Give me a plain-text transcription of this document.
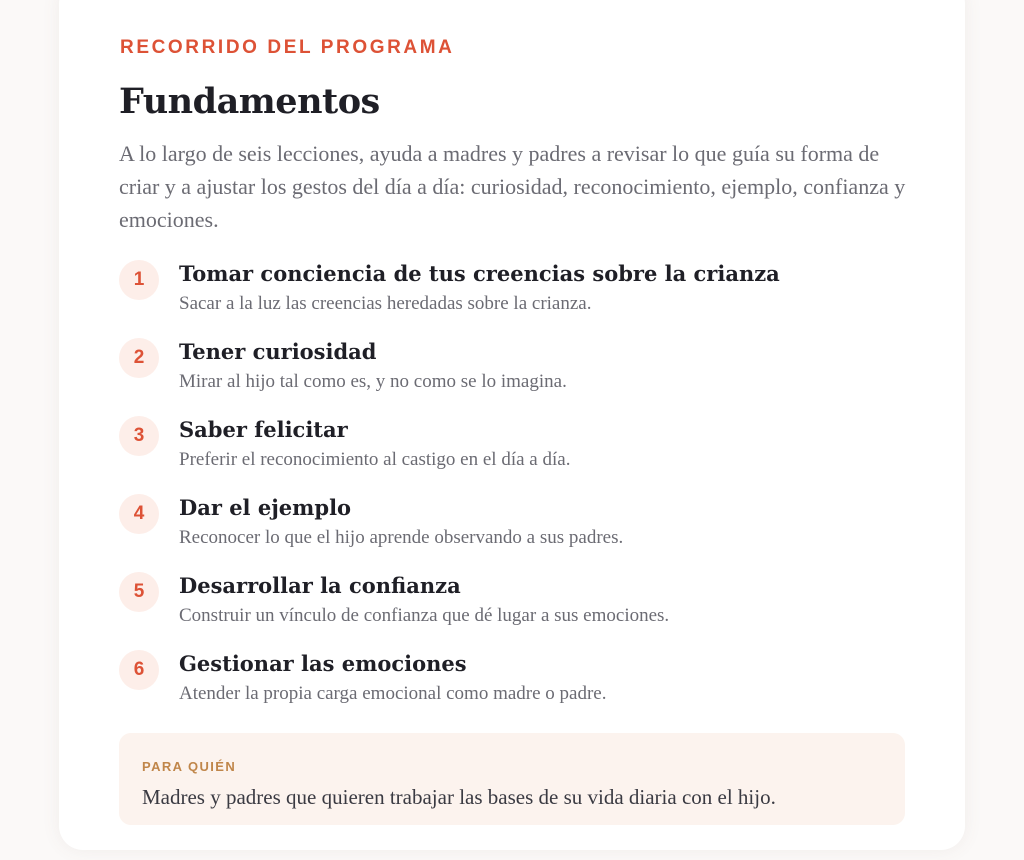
RECORRIDO DEL PROGRAMA
Fundamentos

A lo largo de seis lecciones, ayuda a madres y padres a revisar lo que guía su forma de criar y a ajustar los gestos del día a día: curiosidad, reconocimiento, ejemplo, confianza y emociones.

1	Tomar conciencia de tus creencias sobre la crianza
Sacar a la luz las creencias heredadas sobre la crianza.
2	Tener curiosidad
Mirar al hijo tal como es, y no como se lo imagina.
3	Saber felicitar
Preferir el reconocimiento al castigo en el día a día.
4	Dar el ejemplo
Reconocer lo que el hijo aprende observando a sus padres.
5	Desarrollar la confianza
Construir un vínculo de confianza que dé lugar a sus emociones.
6	Gestionar las emociones
Atender la propia carga emocional como madre o padre.
PARA QUIÉN
Madres y padres que quieren trabajar las bases de su vida diaria con el hijo.
